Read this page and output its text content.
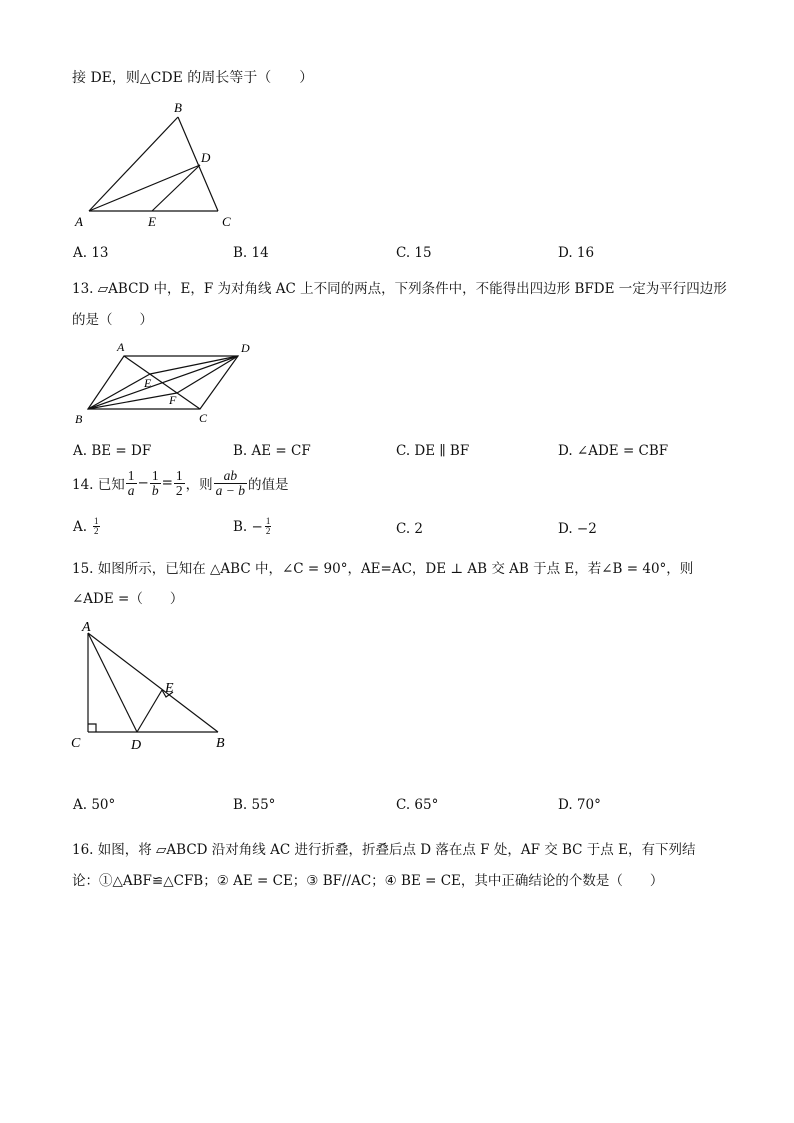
接 DE，则△CDE 的周长等于（　　）
B
D
A	E	C
A. 13	B. 14	C. 15	D. 16
13. ▱ABCD 中，E，F 为对角线 AC 上不同的两点，下列条件中，不能得出四边形 BFDE 一定为平行四边形
的是（　　）
A	D
E
F
B	C
A. BE = DF	B. AE = CF	C. DE ∥ BF	D. ∠ADE = CBF
14. 已知 $\frac{1}{a} - \frac{1}{b} = \frac{1}{2}$ ，则 $\frac{ab}{a - b}$ 的值是
A. $\frac{1}{2}$	B. − $\frac{1}{2}$	C. 2	D. −2
15. 如图所示，已知在 △ABC 中，∠C = 90°，AE=AC，DE ⊥ AB 交 AB 于点 E，若∠B = 40°，则
∠ADE =（　　）
A
E
C	D	B
A. 50°	B. 55°	C. 65°	D. 70°
16. 如图，将 ▱ABCD 沿对角线 AC 进行折叠，折叠后点 D 落在点 F 处，AF 交 BC 于点 E，有下列结
论：①△ABF≌△CFB；② AE = CE；③ BF//AC；④ BE = CE，其中正确结论的个数是（　　）
